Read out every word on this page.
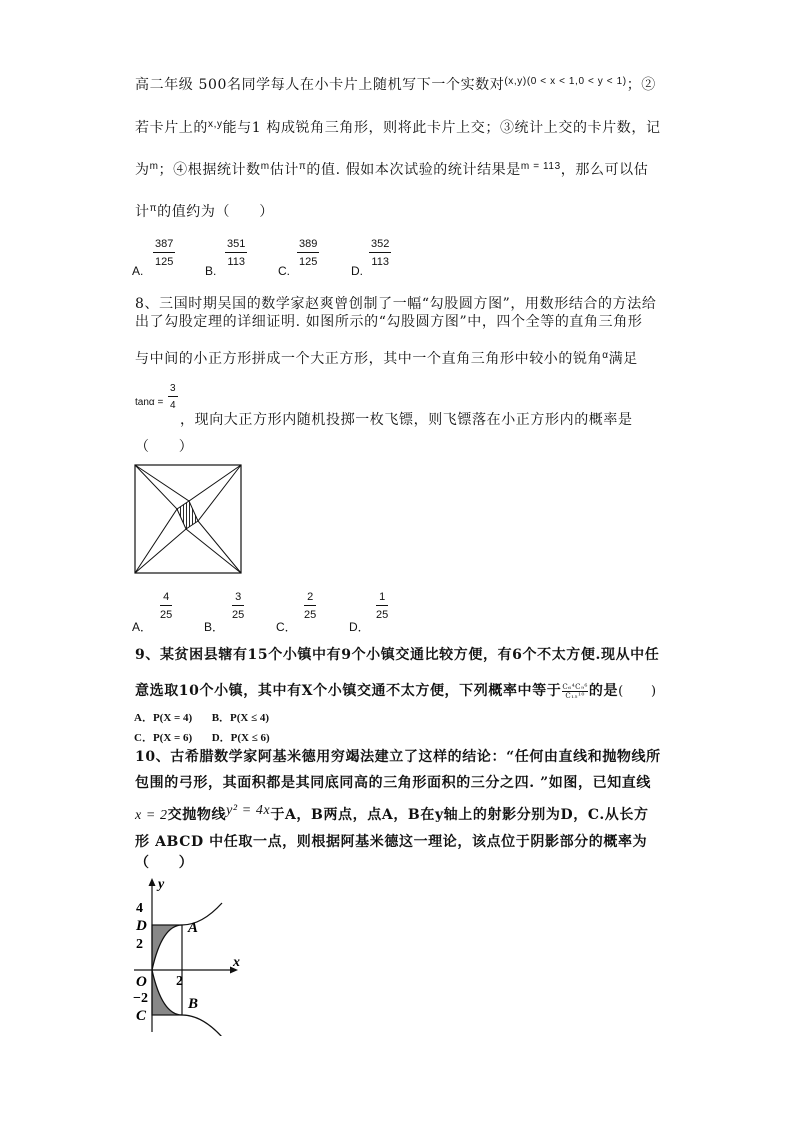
高二年级 500名同学每人在小卡片上随机写下一个实数对$^{(x,y)(0 < x < 1,0 < y < 1)}$；②
若卡片上的$^{x,y}$能与1 构成锐角三角形，则将此卡片上交；③统计上交的卡片数，记
为$^m$；④根据统计数$^m$估计$^\pi$的值. 假如本次试验的统计结果是$^{m = 113}$，那么可以估
计$^\pi$的值约为（　　）
A.
$\frac{387}{125}$
B.
$\frac{351}{113}$
C.
$\frac{389}{125}$
D.
$\frac{352}{113}$
8、三国时期吴国的数学家赵爽曾创制了一幅“勾股圆方图”，用数形结合的方法给
出了勾股定理的详细证明. 如图所示的“勾股圆方图”中，四个全等的直角三角形
与中间的小正方形拼成一个大正方形，其中一个直角三角形中较小的锐角$^\alpha$满足
$\tan\alpha = \frac{3}{4}$
，现向大正方形内随机投掷一枚飞镖，则飞镖落在小正方形内的概率是
（　　）
A．
$\frac{4}{25}$
B．
$\frac{3}{25}$
C．
$\frac{2}{25}$
D．
$\frac{1}{25}$
9、某贫困县辖有15个小镇中有9个小镇交通比较方便，有6个不太方便.现从中任
意选取10个小镇，其中有X个小镇交通不太方便，下列概率中等于 $\frac{\text{C₆⁴C₉⁶}}{\text{C₁₅¹⁰}}$ 的是(　　)
A．P(X = 4) B．P(X ≤ 4)
C．P(X = 6) D．P(X ≤ 6)
10、古希腊数学家阿基米德用穷竭法建立了这样的结论：“任何由直线和抛物线所
包围的弓形，其面积都是其同底同高的三角形面积的三分之四. ”如图，已知直线
x = 2交抛物线y² = 4x于A，B两点，点A，B在y轴上的射影分别为D，C.从长方
形 ABCD 中任取一点，则根据阿基米德这一理论，该点位于阴影部分的概率为
（　　）
y
x
4
D
2
A
O 2
−2
C
B
